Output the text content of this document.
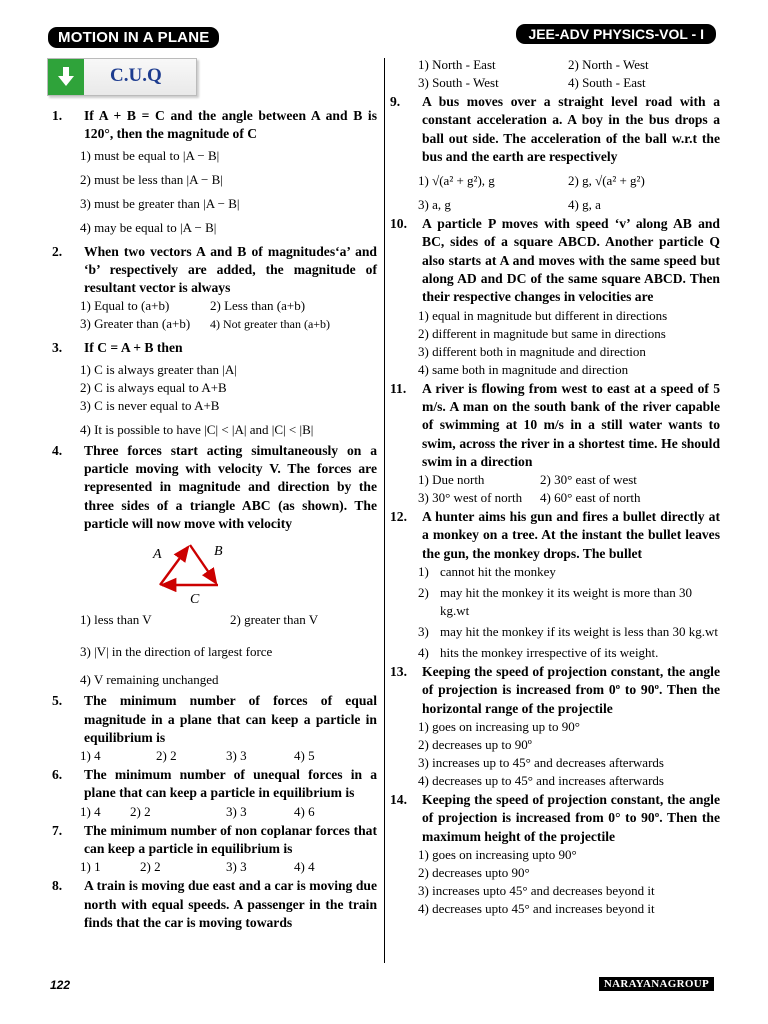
MOTION IN A PLANE	JEE-ADV PHYSICS-VOL - I
C.U.Q
1.	If A + B = C and the angle between A and B is 120°, then the magnitude of C
1) must be equal to |A − B|
2) must be less than |A − B|
3) must be greater than |A − B|
4) may be equal to |A − B|
2.	When two vectors A and B of magnitudes‘a’ and ‘b’ respectively are added, the magnitude of resultant vector is always
1) Equal to (a+b)	2) Less than (a+b)
3) Greater than (a+b)	4) Not greater than (a+b)
3.	If C = A + B then
1) C is always greater than |A|
2) C is always equal to A+B
3) C is never equal to A+B
4) It is possible to have |C| < |A| and |C| < |B|
4.	Three forces start acting simultaneously on a particle moving with velocity V. The forces are represented in magnitude and direction by the three sides of a triangle ABC (as shown). The particle will now move with velocity
A	B
C
1) less than V	2) greater than V
3) |V| in the direction of largest force
4) V remaining unchanged
5.	The minimum number of forces of equal magnitude in a plane that can keep a particle in equilibrium is
1) 4	2) 2	3) 3	4) 5
6.	The minimum number of unequal forces in a plane that can keep a particle in equilibrium is
1) 4	2) 2	3) 3	4) 6
7.	The minimum number of non coplanar forces that can keep a particle in equilibrium is
1) 1	2) 2	3) 3	4) 4
8.	A train is moving due east and a car is moving due north with equal speeds. A passenger in the train finds that the car is moving towards
1) North - East	2) North - West
3) South - West	4) South - East
9.	A bus moves over a straight level road with a constant acceleration a. A boy in the bus drops a ball out side. The acceleration of the ball w.r.t the bus and the earth are respectively
1) √(a² + g²), g	2) g, √(a² + g²)
3) a, g	4) g, a
10.	A particle P moves with speed ‘v’ along AB and BC, sides of a square ABCD. Another particle Q also starts at A and moves with the same speed but along AD and DC of the same square ABCD. Then their respective changes in velocities are
1) equal in magnitude but different in directions
2) different in magnitude but same in directions
3) different both in magnitude and direction
4) same both in magnitude and direction
11.	A river is flowing from west to east at a speed of 5 m/s. A man on the south bank of the river capable of swimming at 10 m/s in a still water wants to swim, across the river in a shortest time. He should swim in a direction
1) Due north	2) 30° east of west
3) 30° west of north	4) 60° east of north
12.	A hunter aims his gun and fires a bullet directly at a monkey on a tree. At the instant the bullet leaves the gun, the monkey drops. The bullet
1) cannot hit the monkey
2) may hit the monkey it its weight is more than 30 kg.wt
3) may hit the monkey if its weight is less than 30 kg.wt
4) hits the monkey irrespective of its weight.
13.	Keeping the speed of projection constant, the angle of projection is increased from 0º to 90º. Then the horizontal range of the projectile
1) goes on increasing up to 90°
2) decreases up to 90º
3) increases up to 45° and decreases afterwards
4) decreases up to 45° and increases afterwards
14.	Keeping the speed of projection constant, the angle of projection is increased from 0° to 90º. Then the maximum height of the projectile
1) goes on increasing upto 90°
2) decreases upto 90°
3) increases upto 45° and decreases beyond it
4) decreases upto 45° and increases beyond it
122	NARAYANAGROUP
